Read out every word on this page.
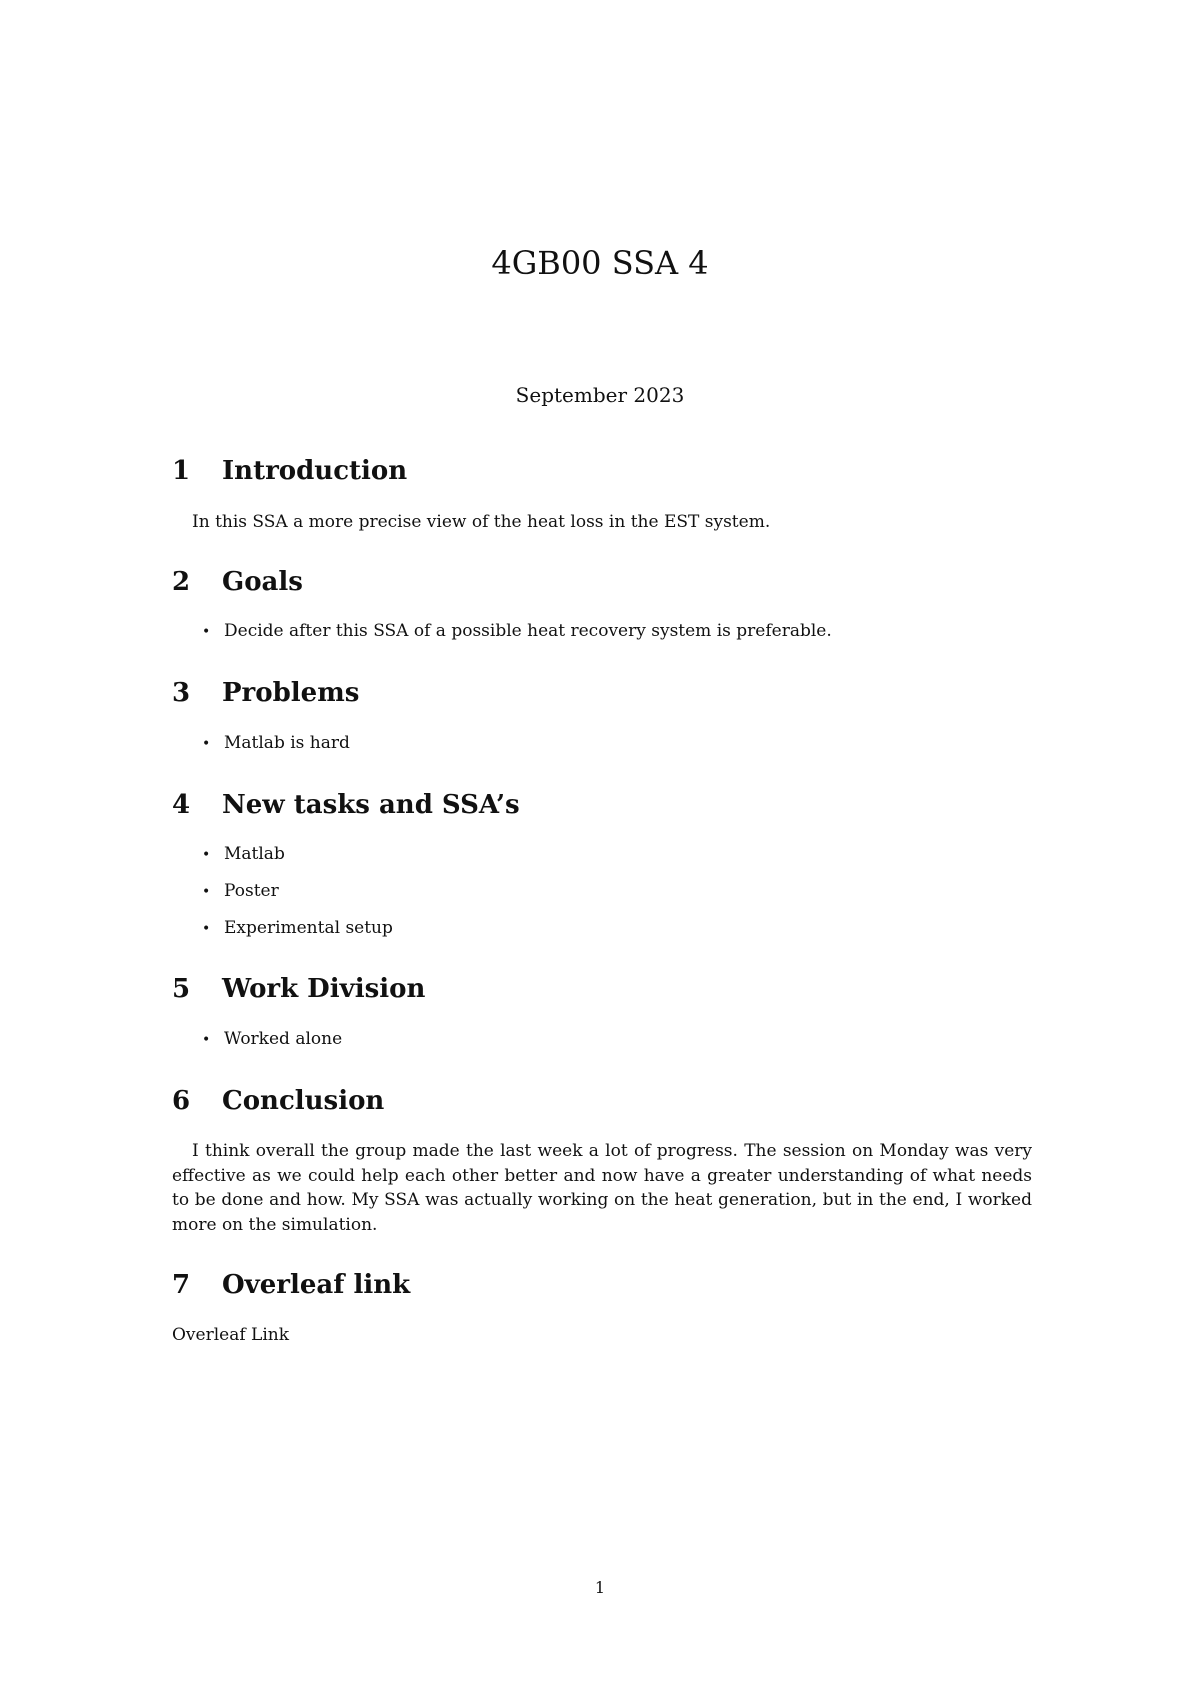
4GB00 SSA 4
September 2023
1 Introduction

In this SSA a more precise view of the heat loss in the EST system.

2 Goals
• Decide after this SSA of a possible heat recovery system is preferable.
3 Problems
• Matlab is hard
4 New tasks and SSA’s
• Matlab
• Poster
• Experimental setup
5 Work Division
• Worked alone
6 Conclusion

I think overall the group made the last week a lot of progress. The session on Monday was very effective as we could help each other better and now have a greater understanding of what needs to be done and how. My SSA was actually working on the heat generation, but in the end, I worked more on the simulation.

7 Overleaf link

Overleaf Link

1
